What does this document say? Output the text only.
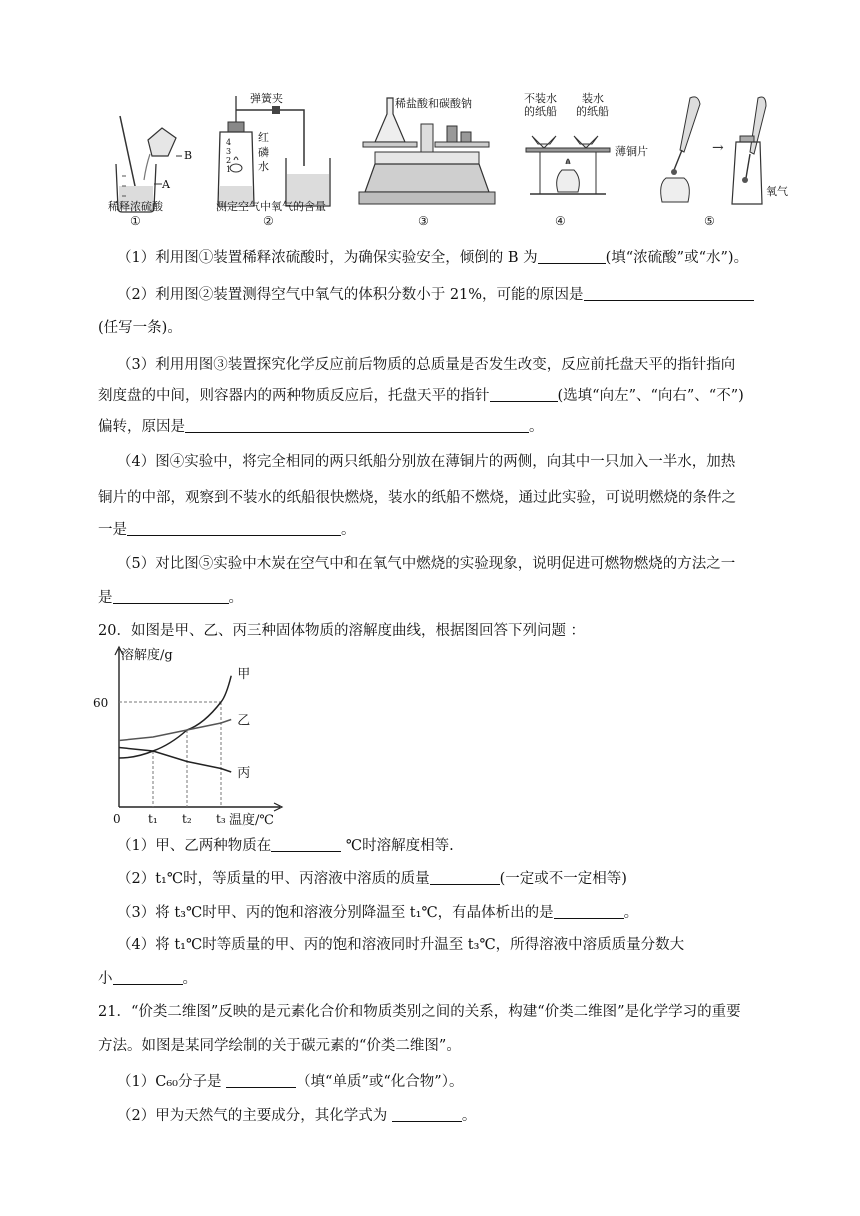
B
A
稀释浓硫酸
①
弹簧夹
4
3
2
1
红
磷
水
测定空气中氧气的含量
②
稀盐酸和碳酸钠
③
不装水
的纸船
装水
的纸船
薄铜片
④
→
氧气
⑤
（1）利用图①装置稀释浓硫酸时，为确保实验安全，倾倒的 B 为	(填“浓硫酸”或“水”)。
（2）利用图②装置测得空气中氧气的体积分数小于 21%，可能的原因是
(任写一条)。
（3）利用用图③装置探究化学反应前后物质的总质量是否发生改变，反应前托盘天平的指针指向
刻度盘的中间，则容器内的两种物质反应后，托盘天平的指针	(选填“向左”、“向右”、“不”)
偏转，原因是	。
（4）图④实验中，将完全相同的两只纸船分别放在薄铜片的两侧，向其中一只加入一半水，加热
铜片的中部，观察到不装水的纸船很快燃烧，装水的纸船不燃烧，通过此实验，可说明燃烧的条件之
一是	。
（5）对比图⑤实验中木炭在空气中和在氧气中燃烧的实验现象，说明促进可燃物燃烧的方法之一
是	。
20．如图是甲、乙、丙三种固体物质的溶解度曲线，根据图回答下列问题 ：
甲
乙
丙
溶解度/g
60
0 t₁ t₂ t₃ 温度/℃
（1）甲、乙两种物质在	℃时溶解度相等.
（2）t₁℃时，等质量的甲、丙溶液中溶质的质量	(一定或不一定相等)
（3）将 t₃℃时甲、丙的饱和溶液分别降温至 t₁℃，有晶体析出的是	。
（4）将 t₁℃时等质量的甲、丙的饱和溶液同时升温至 t₃℃，所得溶液中溶质质量分数大
小	。
21．“价类二维图”反映的是元素化合价和物质类别之间的关系，构建“价类二维图”是化学学习的重要
方法。如图是某同学绘制的关于碳元素的“价类二维图”。
（1）C₆₀分子是	（填“单质”或“化合物”）。
（2）甲为天然气的主要成分，其化学式为	。
